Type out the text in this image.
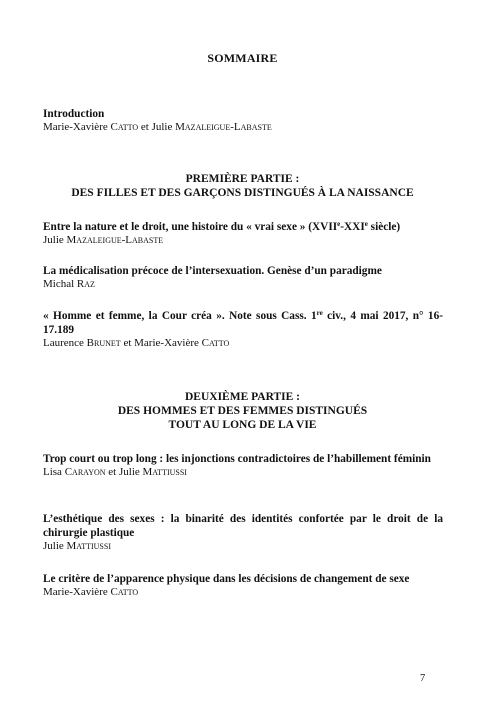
SOMMAIRE
Introduction
Marie-Xavière Catto et Julie Mazaleigue-Labaste
PREMIÈRE PARTIE :
DES FILLES ET DES GARÇONS DISTINGUÉS À LA NAISSANCE
Entre la nature et le droit, une histoire du « vrai sexe » (XVIIe-XXIe siècle)
Julie Mazaleigue-Labaste
La médicalisation précoce de l’intersexuation. Genèse d’un paradigme
Michal Raz
« Homme et femme, la Cour créa ». Note sous Cass. 1re civ., 4 mai 2017, n° 16-17.189
Laurence Brunet et Marie-Xavière Catto
DEUXIÈME PARTIE :
DES HOMMES ET DES FEMMES DISTINGUÉS
TOUT AU LONG DE LA VIE
Trop court ou trop long : les injonctions contradictoires de l’habillement féminin
Lisa Carayon et Julie Mattiussi
L’esthétique des sexes : la binarité des identités confortée par le droit de la chirurgie plastique
Julie Mattiussi
Le critère de l’apparence physique dans les décisions de changement de sexe
Marie-Xavière Catto
7
